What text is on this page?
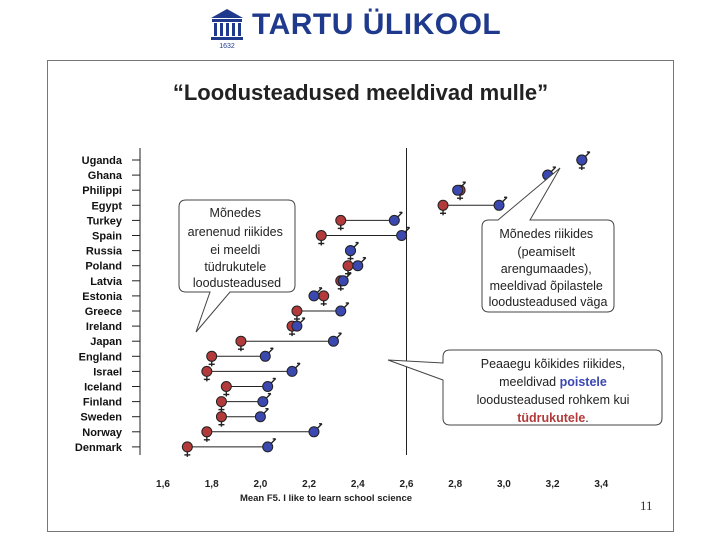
1632
TARTU ÜLIKOOL
“Loodusteadused meeldivad mulle”
1,6	1,8	2,0	2,2	2,4	2,6	2,8	3,0	3,2	3,4
Mean F5. I like to learn school science
Uganda
Ghana
Philippi
Egypt
Turkey
Spain
Russia
Poland
Latvia
Estonia
Greece
Ireland
Japan
England
Israel
Iceland
Finland
Sweden
Norway
Denmark
Mõnedes arenenud riikides ei meeldi tüdrukutele loodusteadused
Mõnedes riikides (peamiselt arengumaades), meeldivad õpilastele loodusteadused väga
Peaaegu kõikides riikides,
meeldivad poistele
loodusteadused rohkem kui
tüdrukutele.
11
